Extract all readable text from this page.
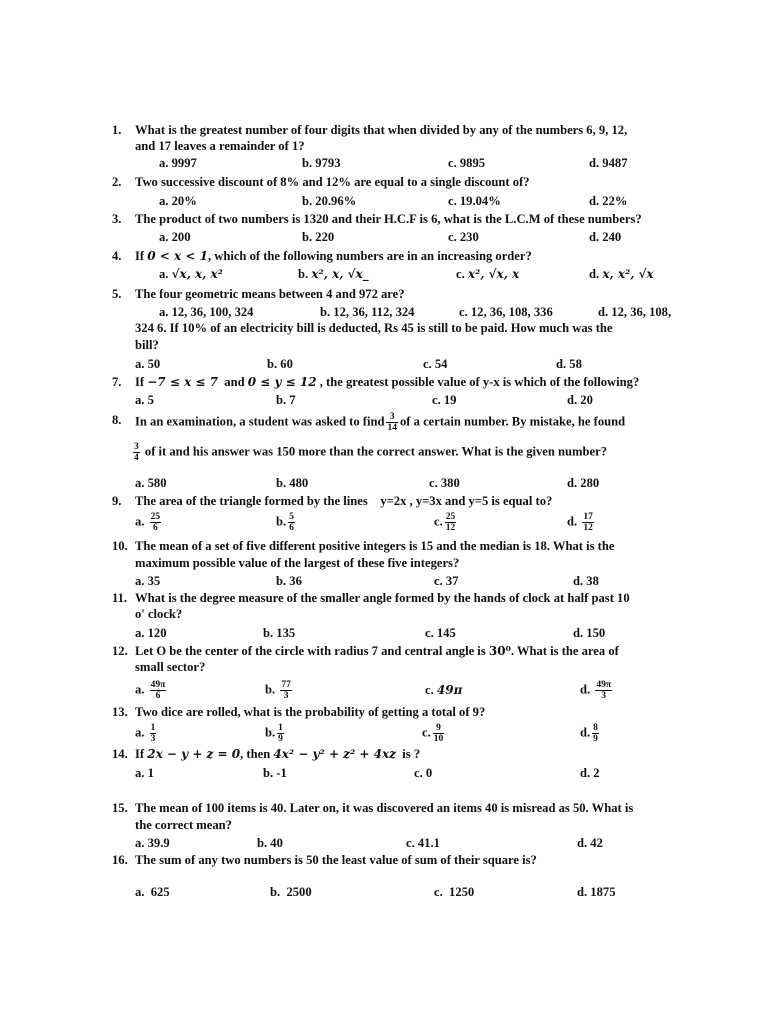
1.	What is the greatest number of four digits that when divided by any of the numbers 6, 9, 12,
and 17 leaves a remainder of 1?
a. 9997	b. 9793	c. 9895	d. 9487
2.	Two successive discount of 8% and 12% are equal to a single discount of?
a. 20%	b. 20.96%	c. 19.04%	d. 22%
3.	The product of two numbers is 1320 and their H.C.F is 6, what is the L.C.M of these numbers?
a. 200	b. 220	c. 230	d. 240
4.	If 0 < x < 1, which of the following numbers are in an increasing order?
a. √x, x, x²	b. x², x, √x_	c. x², √x, x	d. x, x², √x
5.	The four geometric means between 4 and 972 are?
a. 12, 36, 100, 324	b. 12, 36, 112, 324	c. 12, 36, 108, 336	d. 12, 36, 108,
324 6. If 10% of an electricity bill is deducted, Rs 45 is still to be paid. How much was the
bill?
a. 50	b. 60	c. 54	d. 58
7.	If −7 ≤ x ≤ 7  and 0 ≤ y ≤ 12 , the greatest possible value of y-x is which of the following?
a. 5	b. 7	c. 19	d. 20
8.	In an examination, a student was asked to find $\frac{3}{14}$ of a certain number. By mistake, he found
$\frac{3}{4}$ of it and his answer was 150 more than the correct answer. What is the given number?
a. 580	b. 480	c. 380	d. 280
9.	The area of the triangle formed by the lines    y=2x , y=3x and y=5 is equal to?
a. $\frac{25}{6}$	b. $\frac{5}{6}$	c. $\frac{25}{12}$	d. $\frac{17}{12}$
10. The mean of a set of five different positive integers is 15 and the median is 18. What is the
maximum possible value of the largest of these five integers?
a. 35	b. 36	c. 37	d. 38
11. What is the degree measure of the smaller angle formed by the hands of clock at half past 10
o' clock?
a. 120	b. 135	c. 145	d. 150
12. Let O be the center of the circle with radius 7 and central angle is 30⁰. What is the area of
small sector?
a. $\frac{49\pi}{6}$	b. $\frac{77}{3}$	c. 49π	d. $\frac{49\pi}{3}$
13. Two dice are rolled, what is the probability of getting a total of 9?
a. $\frac{1}{3}$	b. $\frac{1}{9}$	c. $\frac{9}{10}$	d. $\frac{8}{9}$
14. If 2x − y + z = 0, then 4x² − y² + z² + 4xz  is ?
a. 1	b. -1	c. 0	d. 2
15. The mean of 100 items is 40. Later on, it was discovered an items 40 is misread as 50. What is
the correct mean?
a. 39.9	b. 40	c. 41.1	d. 42
16. The sum of any two numbers is 50 the least value of sum of their square is?
a.  625	b.  2500	c.  1250	d. 1875
